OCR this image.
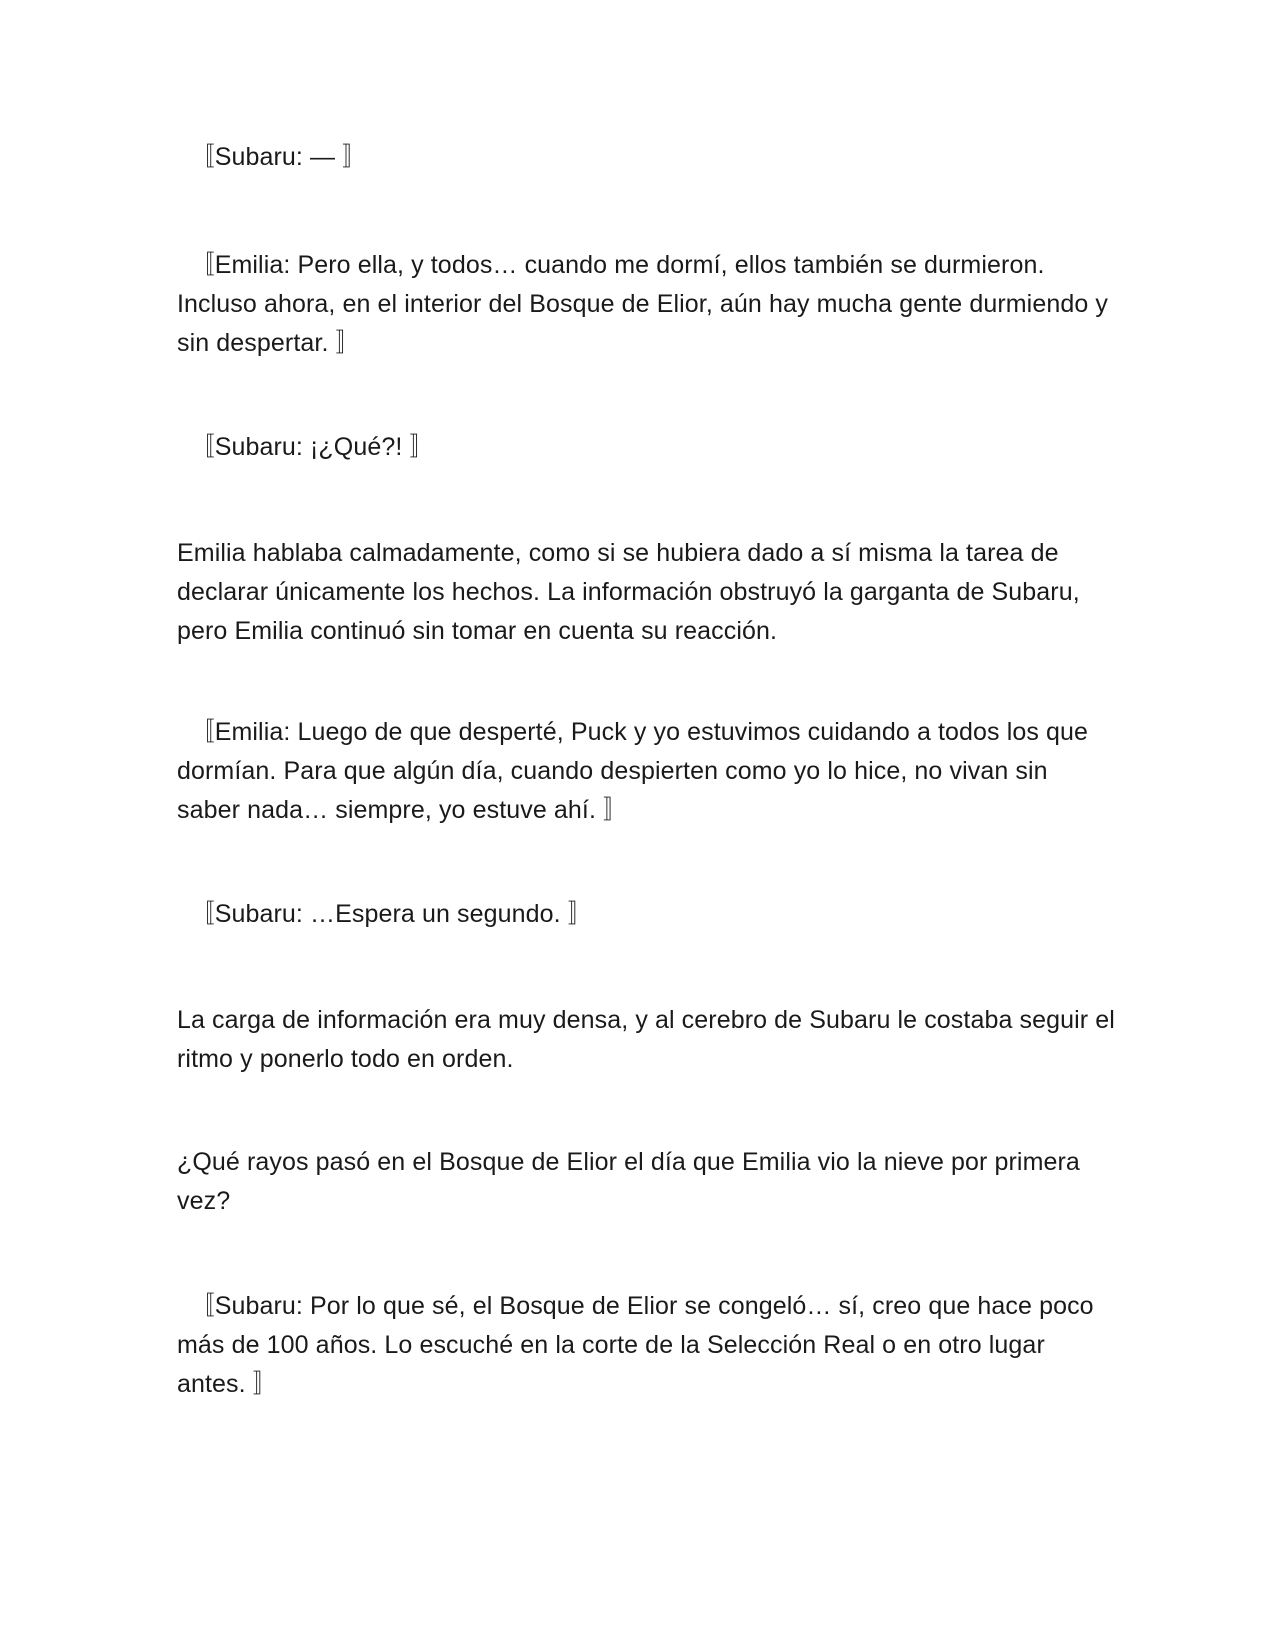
　〚Subaru: — 〛

　〚Emilia: Pero ella, y todos… cuando me dormí, ellos también se durmieron. Incluso ahora, en el interior del Bosque de Elior, aún hay mucha gente durmiendo y sin despertar. 〛

　〚Subaru: ¡¿Qué?! 〛

Emilia hablaba calmadamente, como si se hubiera dado a sí misma la tarea de declarar únicamente los hechos. La información obstruyó la garganta de Subaru, pero Emilia continuó sin tomar en cuenta su reacción.

　〚Emilia: Luego de que desperté, Puck y yo estuvimos cuidando a todos los que dormían. Para que algún día, cuando despierten como yo lo hice, no vivan sin saber nada… siempre, yo estuve ahí. 〛

　〚Subaru: …Espera un segundo. 〛

La carga de información era muy densa, y al cerebro de Subaru le costaba seguir el ritmo y ponerlo todo en orden.

¿Qué rayos pasó en el Bosque de Elior el día que Emilia vio la nieve por primera vez?

　〚Subaru: Por lo que sé, el Bosque de Elior se congeló… sí, creo que hace poco más de 100 años. Lo escuché en la corte de la Selección Real o en otro lugar antes. 〛
